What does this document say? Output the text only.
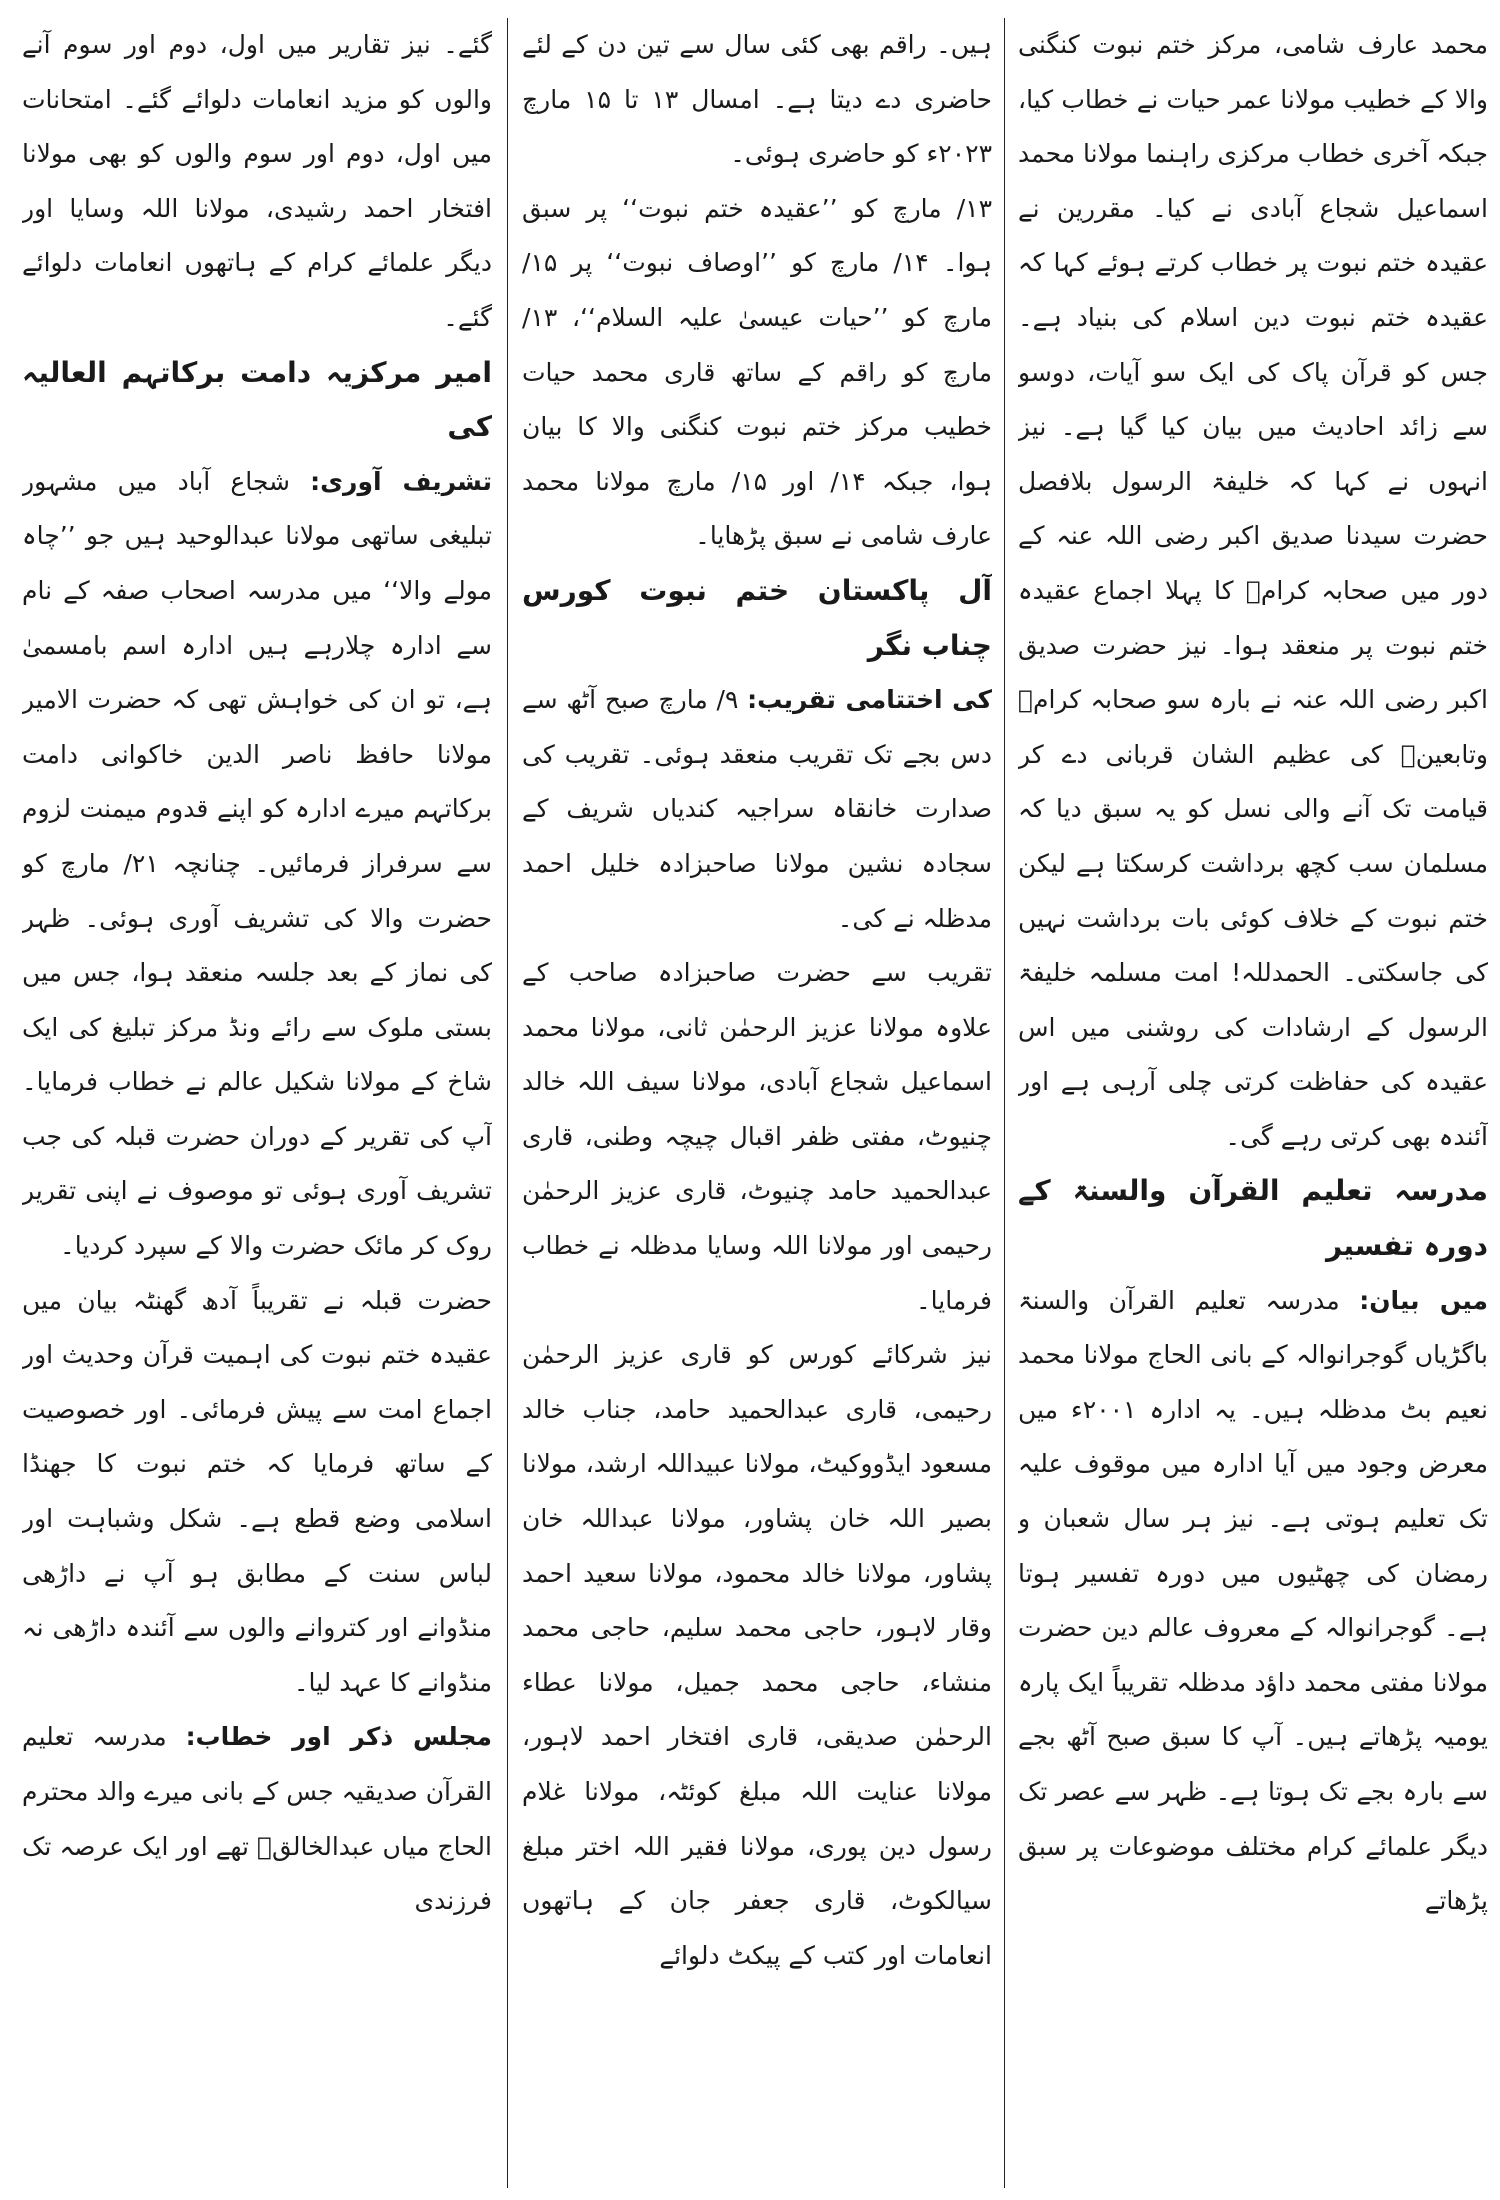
محمد عارف شامی، مرکز ختم نبوت کنگنی والا کے خطیب مولانا عمر حیات نے خطاب کیا، جبکہ آخری خطاب مرکزی راہنما مولانا محمد اسماعیل شجاع آبادی نے کیا۔ مقررین نے عقیدہ ختم نبوت پر خطاب کرتے ہوئے کہا کہ عقیدہ ختم نبوت دین اسلام کی بنیاد ہے۔ جس کو قرآن پاک کی ایک سو آیات، دوسو سے زائد احادیث میں بیان کیا گیا ہے۔ نیز انہوں نے کہا کہ خلیفۃ الرسول بلافصل حضرت سیدنا صدیق اکبر رضی اللہ عنہ کے دور میں صحابہ کرامؓ کا پہلا اجماع عقیدہ ختم نبوت پر منعقد ہوا۔ نیز حضرت صدیق اکبر رضی اللہ عنہ نے بارہ سو صحابہ کرامؓ وتابعینؒ کی عظیم الشان قربانی دے کر قیامت تک آنے والی نسل کو یہ سبق دیا کہ مسلمان سب کچھ برداشت کرسکتا ہے لیکن ختم نبوت کے خلاف کوئی بات برداشت نہیں کی جاسکتی۔ الحمدللہ! امت مسلمہ خلیفۃ الرسول کے ارشادات کی روشنی میں اس عقیدہ کی حفاظت کرتی چلی آرہی ہے اور آئندہ بھی کرتی رہے گی۔

مدرسہ تعلیم القرآن والسنۃ کے دورہ تفسیر

میں بیان: مدرسہ تعلیم القرآن والسنۃ باگڑیاں گوجرانوالہ کے بانی الحاج مولانا محمد نعیم بٹ مدظلہ ہیں۔ یہ ادارہ ۲۰۰۱ء میں معرض وجود میں آیا ادارہ میں موقوف علیہ تک تعلیم ہوتی ہے۔ نیز ہر سال شعبان و رمضان کی چھٹیوں میں دورہ تفسیر ہوتا ہے۔ گوجرانوالہ کے معروف عالم دین حضرت مولانا مفتی محمد داؤد مدظلہ تقریباً ایک پارہ یومیہ پڑھاتے ہیں۔ آپ کا سبق صبح آٹھ بجے سے بارہ بجے تک ہوتا ہے۔ ظہر سے عصر تک دیگر علمائے کرام مختلف موضوعات پر سبق پڑھاتے

ہیں۔ راقم بھی کئی سال سے تین دن کے لئے حاضری دے دیتا ہے۔ امسال ۱۳ تا ۱۵ مارچ ۲۰۲۳ء کو حاضری ہوئی۔

۱۳/ مارچ کو ’’عقیدہ ختم نبوت‘‘ پر سبق ہوا۔ ۱۴/ مارچ کو ’’اوصاف نبوت‘‘ پر ۱۵/ مارچ کو ’’حیات عیسیٰ علیہ السلام‘‘، ۱۳/ مارچ کو راقم کے ساتھ قاری محمد حیات خطیب مرکز ختم نبوت کنگنی والا کا بیان ہوا، جبکہ ۱۴/ اور ۱۵/ مارچ مولانا محمد عارف شامی نے سبق پڑھایا۔

آل پاکستان ختم نبوت کورس چناب نگر

کی اختتامی تقریب: ۹/ مارچ صبح آٹھ سے دس بجے تک تقریب منعقد ہوئی۔ تقریب کی صدارت خانقاہ سراجیہ کندیاں شریف کے سجادہ نشین مولانا صاحبزادہ خلیل احمد مدظلہ نے کی۔

تقریب سے حضرت صاحبزادہ صاحب کے علاوہ مولانا عزیز الرحمٰن ثانی، مولانا محمد اسماعیل شجاع آبادی، مولانا سیف اللہ خالد چنیوٹ، مفتی ظفر اقبال چیچہ وطنی، قاری عبدالحمید حامد چنیوٹ، قاری عزیز الرحمٰن رحیمی اور مولانا اللہ وسایا مدظلہ نے خطاب فرمایا۔

نیز شرکائے کورس کو قاری عزیز الرحمٰن رحیمی، قاری عبدالحمید حامد، جناب خالد مسعود ایڈووکیٹ، مولانا عبیداللہ ارشد، مولانا بصیر اللہ خان پشاور، مولانا عبداللہ خان پشاور، مولانا خالد محمود، مولانا سعید احمد وقار لاہور، حاجی محمد سلیم، حاجی محمد منشاء، حاجی محمد جمیل، مولانا عطاء الرحمٰن صدیقی، قاری افتخار احمد لاہور، مولانا عنایت اللہ مبلغ کوئٹہ، مولانا غلام رسول دین پوری، مولانا فقیر اللہ اختر مبلغ سیالکوٹ، قاری جعفر جان کے ہاتھوں انعامات اور کتب کے پیکٹ دلوائے

گئے۔ نیز تقاریر میں اول، دوم اور سوم آنے والوں کو مزید انعامات دلوائے گئے۔ امتحانات میں اول، دوم اور سوم والوں کو بھی مولانا افتخار احمد رشیدی، مولانا اللہ وسایا اور دیگر علمائے کرام کے ہاتھوں انعامات دلوائے گئے۔

امیر مرکزیہ دامت برکاتہم العالیہ کی

تشریف آوری: شجاع آباد میں مشہور تبلیغی ساتھی مولانا عبدالوحید ہیں جو ’’چاہ مولے والا‘‘ میں مدرسہ اصحاب صفہ کے نام سے ادارہ چلارہے ہیں ادارہ اسم بامسمیٰ ہے، تو ان کی خواہش تھی کہ حضرت الامیر مولانا حافظ ناصر الدین خاکوانی دامت برکاتہم میرے ادارہ کو اپنے قدوم میمنت لزوم سے سرفراز فرمائیں۔ چنانچہ ۲۱/ مارچ کو حضرت والا کی تشریف آوری ہوئی۔ ظہر کی نماز کے بعد جلسہ منعقد ہوا، جس میں بستی ملوک سے رائے ونڈ مرکز تبلیغ کی ایک شاخ کے مولانا شکیل عالم نے خطاب فرمایا۔ آپ کی تقریر کے دوران حضرت قبلہ کی جب تشریف آوری ہوئی تو موصوف نے اپنی تقریر روک کر مائک حضرت والا کے سپرد کردیا۔

حضرت قبلہ نے تقریباً آدھ گھنٹہ بیان میں عقیدہ ختم نبوت کی اہمیت قرآن وحدیث اور اجماع امت سے پیش فرمائی۔ اور خصوصیت کے ساتھ فرمایا کہ ختم نبوت کا جھنڈا اسلامی وضع قطع ہے۔ شکل وشباہت اور لباس سنت کے مطابق ہو آپ نے داڑھی منڈوانے اور کتروانے والوں سے آئندہ داڑھی نہ منڈوانے کا عہد لیا۔

مجلس ذکر اور خطاب: مدرسہ تعلیم القرآن صدیقیہ جس کے بانی میرے والد محترم الحاج میاں عبدالخالقؒ تھے اور ایک عرصہ تک فرزندی
